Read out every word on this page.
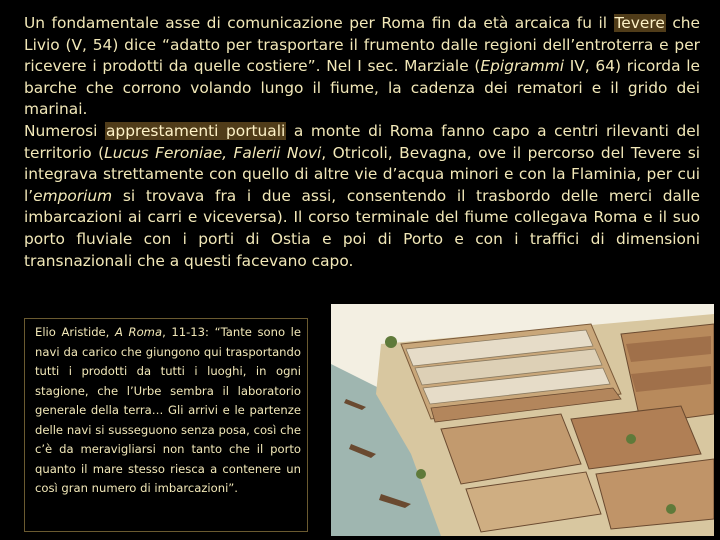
Un fondamentale asse di comunicazione per Roma fin da età arcaica fu il Tevere che Livio (V, 54) dice “adatto per trasportare il frumento dalle regioni dell’entroterra e per ricevere i prodotti da quelle costiere”. Nel I sec. Marziale (Epigrammi IV, 64) ricorda le barche che corrono volando lungo il fiume, la cadenza dei rematori e il grido dei marinai.

Numerosi apprestamenti portuali a monte di Roma fanno capo a centri rilevanti del territorio (Lucus Feroniae, Falerii Novi, Otricoli, Bevagna, ove il percorso del Tevere si integrava strettamente con quello di altre vie d’acqua minori e con la Flaminia, per cui l’emporium si trovava fra i due assi, consentendo il trasbordo delle merci dalle imbarcazioni ai carri e viceversa). Il corso terminale del fiume collegava Roma e il suo porto fluviale con i porti di Ostia e poi di Porto e con i traffici di dimensioni transnazionali che a questi facevano capo.

Elio Aristide, A Roma, 11-13: “Tante sono le navi da carico che giungono qui trasportando tutti i prodotti da tutti i luoghi, in ogni stagione, che l’Urbe sembra il laboratorio generale della terra… Gli arrivi e le partenze delle navi si susseguono senza posa, così che c’è da meravigliarsi non tanto che il porto quanto il mare stesso riesca a contenere un così gran numero di imbarcazioni”.
